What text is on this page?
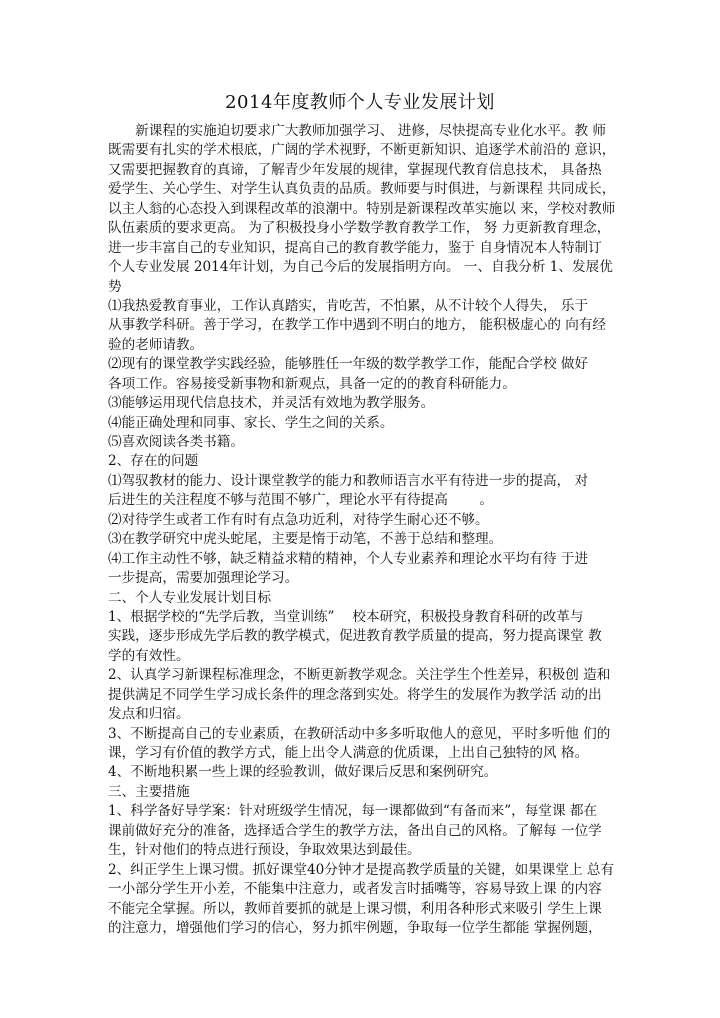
2014年度教师个人专业发展计划
　　新课程的实施迫切要求广大教师加强学习、 进修，尽快提高专业化水平。教 师
既需要有扎实的学术根底，广阔的学术视野，不断更新知识、追逐学术前沿的 意识，
又需要把握教育的真谛，了解青少年发展的规律，掌握现代教育信息技术， 具备热
爱学生、关心学生、对学生认真负责的品质。教师要与时俱进，与新课程 共同成长，
以主人翁的心态投入到课程改革的浪潮中。特别是新课程改革实施以 来，学校对教师
队伍素质的要求更高。 为了积极投身小学数学教育教学工作， 努 力更新教育理念，
进一步丰富自己的专业知识，提高自己的教育教学能力，鉴于 自身情况本人特制订
个人专业发展 2014年计划，为自己今后的发展指明方向。 一、自我分析 1、发展优
势
⑴我热爱教育事业，工作认真踏实，肯吃苦，不怕累，从不计较个人得失， 乐于
从事教学科研。善于学习，在教学工作中遇到不明白的地方， 能积极虚心的 向有经
验的老师请教。
⑵现有的课堂教学实践经验，能够胜任一年级的数学教学工作，能配合学校 做好
各项工作。容易接受新事物和新观点，具备一定的的教育科研能力。
⑶能够运用现代信息技术，并灵活有效地为教学服务。
⑷能正确处理和同事、家长、学生之间的关系。
⑸喜欢阅读各类书籍。
2、存在的问题
⑴驾驭教材的能力、设计课堂教学的能力和教师语言水平有待进一步的提高， 对
后进生的关注程度不够与范围不够广，理论水平有待提高 　　。
⑵对待学生或者工作有时有点急功近利，对待学生耐心还不够。
⑶在教学研究中虎头蛇尾，主要是惰于动笔，不善于总结和整理。
⑷工作主动性不够，缺乏精益求精的精神，个人专业素养和理论水平均有待 于进
一步提高，需要加强理论学习。
二、个人专业发展计划目标
1、根据学校的“先学后教，当堂训练” 　校本研究，积极投身教育科研的改革与
实践，逐步形成先学后教的教学模式，促进教育教学质量的提高，努力提高课堂 教
学的有效性。
2、认真学习新课程标准理念，不断更新教学观念。关注学生个性差异，积极创 造和
提供满足不同学生学习成长条件的理念落到实处。将学生的发展作为教学活 动的出
发点和归宿。
3、不断提高自己的专业素质，在教研活动中多多听取他人的意见，平时多听他 们的
课，学习有价值的教学方式，能上出令人满意的优质课，上出自己独特的风 格。
4、不断地积累一些上课的经验教训，做好课后反思和案例研究。
三、主要措施
1、科学备好导学案：针对班级学生情况，每一课都做到“有备而来”，每堂课 都在
课前做好充分的准备，选择适合学生的教学方法，备出自己的风格。了解每 一位学
生，针对他们的特点进行预设，争取效果达到最佳。
2、纠正学生上课习惯。抓好课堂40分钟才是提高教学质量的关键，如果课堂上 总有
一小部分学生开小差，不能集中注意力，或者发言时插嘴等，容易导致上课 的内容
不能完全掌握。所以，教师首要抓的就是上课习惯，利用各种形式来吸引 学生上课
的注意力，增强他们学习的信心，努力抓牢例题，争取每一位学生都能 掌握例题，
